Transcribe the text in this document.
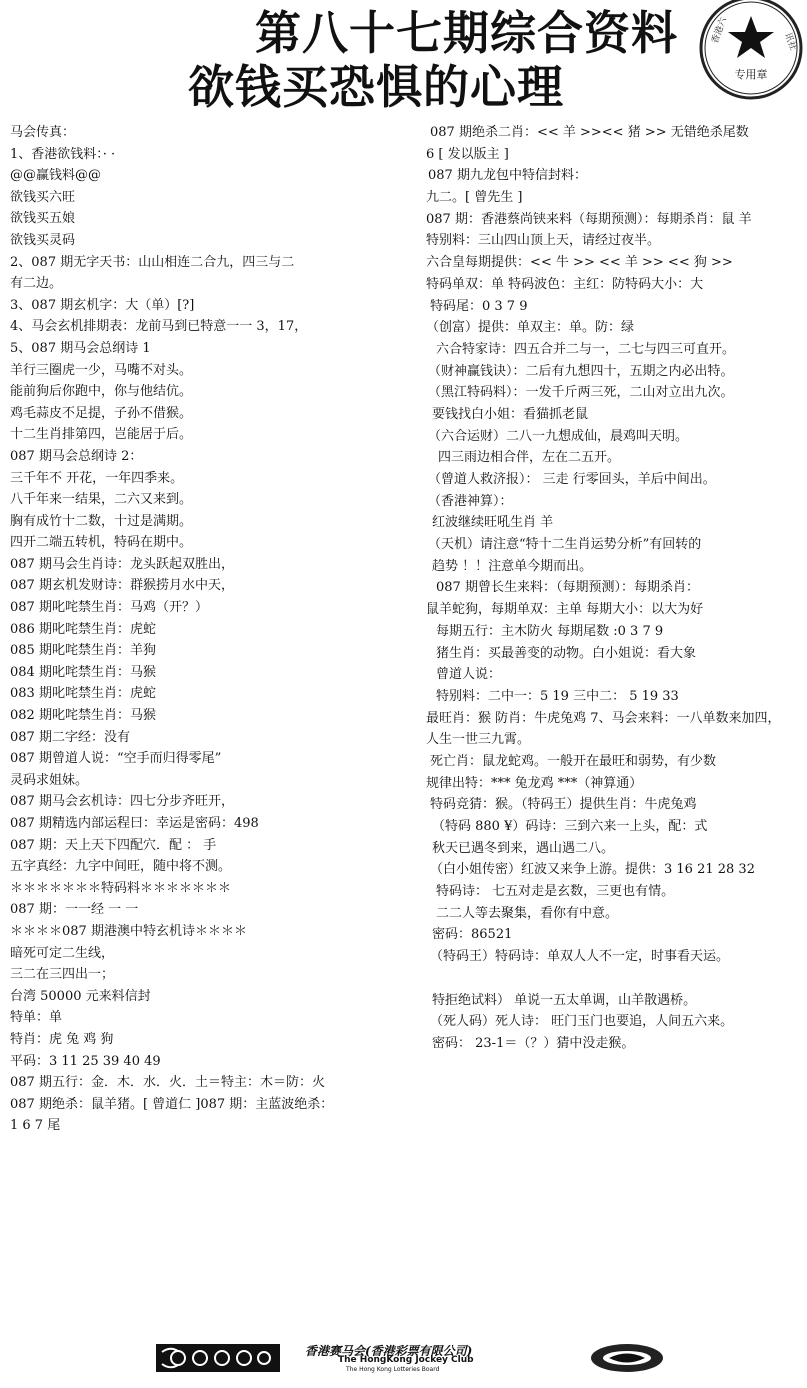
第八十七期综合资料
欲钱买恐惧的心理	专用章
香港六	讯社
马会传真：
1、香港欲钱料：· ·
@@赢钱料@@
欲钱买六旺
欲钱买五娘
欲钱买灵码
2、087 期无字天书：山山相连二合九，四三与二
有二边。
3、087 期玄机字：大（单）[?]
4、马会玄机排期表：龙前马到已特意一一 3，17，
5、087 期马会总纲诗 1
羊行三圈虎一少，马嘴不对头。
能前狗后你跑中，你与他结伉。
鸡毛蒜皮不足提，子孙不借猴。
十二生肖排第四，岂能居于后。
087 期马会总纲诗 2：
三千年不 开花，一年四季来。
八千年来一结果，二六又来到。
胸有成竹十二数，十过是满期。
四开二端五转机，特码在期中。
087 期马会生肖诗：龙头跃起双胜出，
087 期玄机发财诗：群猴捞月水中天，
087 期叱咤禁生肖：马鸡（开？）
086 期叱咤禁生肖：虎蛇
085 期叱咤禁生肖：羊狗
084 期叱咤禁生肖：马猴
083 期叱咤禁生肖：虎蛇
082 期叱咤禁生肖：马猴
087 期二字经：没有
087 期曾道人说：“空手而归得零尾”
灵码求姐妹。
087 期马会玄机诗：四七分步齐旺开，
087 期精选内部运程曰：幸运是密码：498
087 期：天上天下四配穴．配 ： 手
五字真经：九字中间旺，随中将不测。
＊＊＊＊＊＊＊特码料＊＊＊＊＊＊＊
087 期：一一经 一 一
＊＊＊＊087 期港澳中特玄机诗＊＊＊＊
暗死可定二生线，
三二在三四出一；
台湾 50000 元来料信封
特单：单
特肖：虎 兔 鸡 狗
平码：3 11 25 39 40 49
087 期五行：金．木．水．火．土＝特主：木＝防：火
087 期绝杀：鼠羊猪。[ 曾道仁 ]087 期：主蓝波绝杀：
1 6 7 尾
087 期绝杀二肖：<< 羊 >><< 猪 >> 无错绝杀尾数
6 [ 发以版主 ]
087 期九龙包中特信封料：
九二。[ 曾先生 ]
087 期：香港蔡尚铗来料（每期预测）：每期杀肖：鼠 羊
特别料：三山四山顶上天，请经过夜半。
六合皇每期提供：<< 牛 >> << 羊 >> << 狗 >>
特码单双：单 特码波色：主红：防特码大小：大
特码尾：0 3 7 9
（创富）提供：单双主：单。防：绿
六合特家诗：四五合并二与一，二七与四三可直开。
（财神赢钱诀）：二后有九想四十，五期之内必出特。
（黑江特码料）：一发千斤两三死，二山对立出九次。
要钱找白小姐：看猫抓老鼠
（六合运财）二八一九想成仙，晨鸡叫天明。
四三雨边相合伴，左在二五开。
（曾道人救济报）： 三走 行零回头，羊后中间出。
（香港神算）：
红波继续旺吼生肖 羊
（天机）请注意“特十二生肖运势分析”有回转的
趋势 ！！注意单今期而出。
087 期曾长生来料：（每期预测）：每期杀肖：
鼠羊蛇狗，每期单双：主单 每期大小：以大为好
每期五行：主木防火 每期尾数 :0 3 7 9
猪生肖：买最善变的动物。白小姐说：看大象
曾道人说：
特别料：二中一：5 19 三中二： 5 19 33
最旺肖：猴 防肖：牛虎兔鸡 7、马会来料：一八单数来加四，
人生一世三九霄。
死亡肖：鼠龙蛇鸡。一般开在最旺和弱势，有少数
规律出特：*** 兔龙鸡 ***（神算通）
特码竞猜：猴。（特码王）提供生肖：牛虎兔鸡
（特码 880 ¥）码诗：三到六来一上头，配：式
秋天已遇冬到来，遇山遇二八。
（白小姐传密）红波又来争上游。提供：3 16 21 28 32
特码诗： 七五对走是玄数，三更也有情。
二二人等去聚集，看你有中意。
密码：86521
（特码王）特码诗：单双人人不一定，时事看天运。
特拒绝试料） 单说一五太单调，山羊散遇桥。
（死人码）死人诗： 旺门玉门也要追，人间五六来。
密码： 23-1＝（？）猜中没走猴。
香港赛马会(香港彩票有限公司)
The HongKong Jockey Club
The Hong Kong Lotteries Board
